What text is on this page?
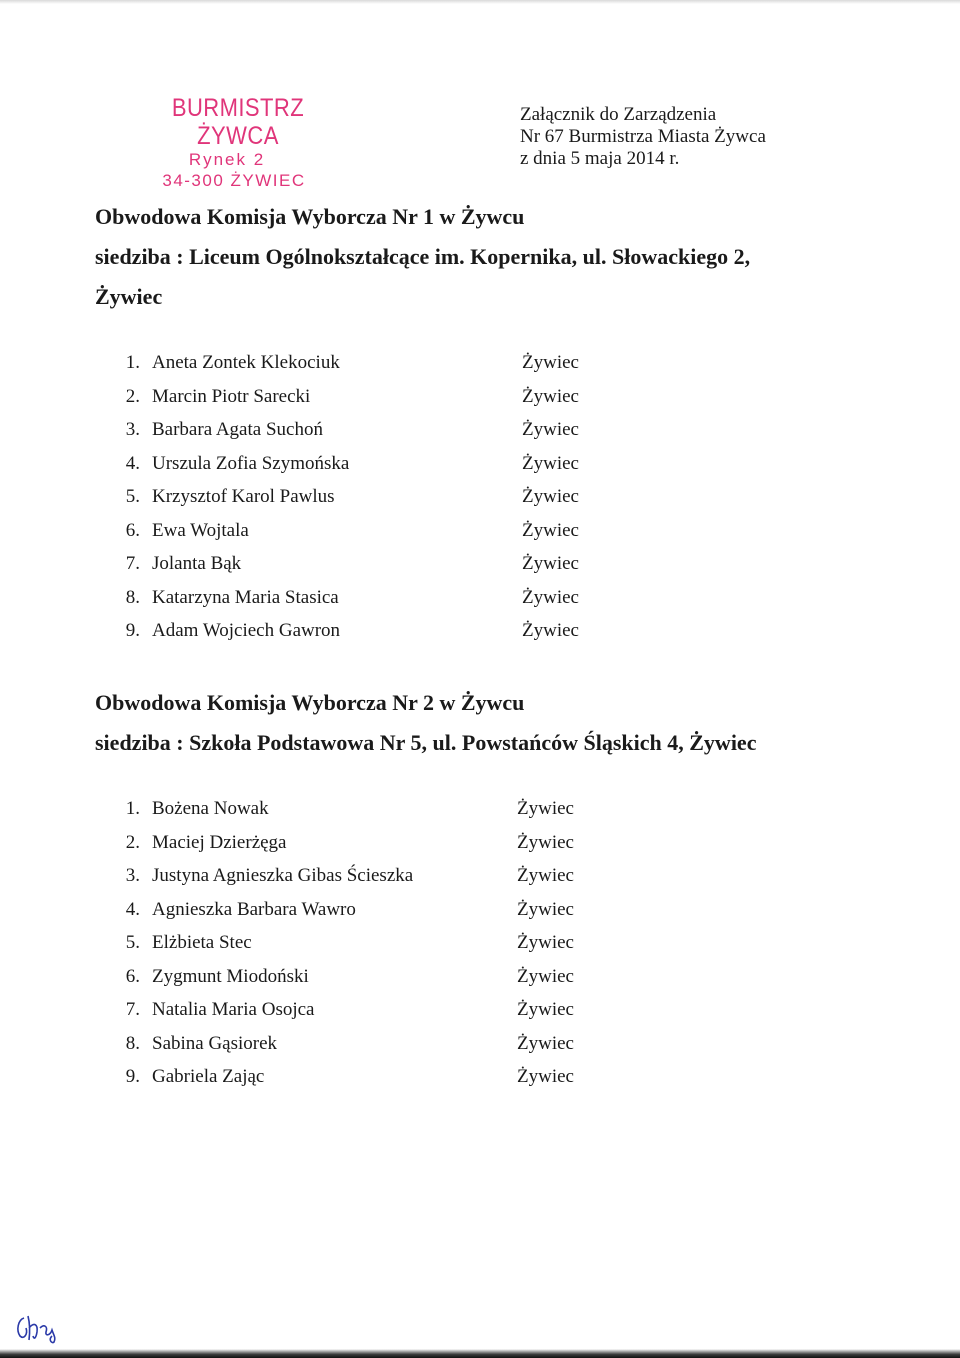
BURMISTRZ ŻYWCA
Rynek 2
34-300 ŻYWIEC
Załącznik do Zarządzenia
Nr 67 Burmistrza Miasta Żywca
z dnia 5 maja 2014 r.
Obwodowa Komisja Wyborcza Nr 1 w Żywcu
siedziba : Liceum Ogólnokształcące im. Kopernika, ul. Słowackiego 2,
Żywiec
1. Aneta Zontek Klekociuk	Żywiec
2. Marcin Piotr Sarecki	Żywiec
3. Barbara Agata Suchoń	Żywiec
4. Urszula Zofia Szymońska	Żywiec
5. Krzysztof Karol Pawlus	Żywiec
6. Ewa Wojtala	Żywiec
7. Jolanta Bąk	Żywiec
8. Katarzyna Maria Stasica	Żywiec
9. Adam Wojciech Gawron	Żywiec
Obwodowa Komisja Wyborcza Nr 2 w Żywcu
siedziba : Szkoła Podstawowa Nr 5, ul. Powstańców Śląskich 4, Żywiec
1. Bożena Nowak	Żywiec
2. Maciej Dzierżęga	Żywiec
3. Justyna Agnieszka Gibas Ścieszka	Żywiec
4. Agnieszka Barbara Wawro	Żywiec
5. Elżbieta Stec	Żywiec
6. Zygmunt Miodoński	Żywiec
7. Natalia Maria Osojca	Żywiec
8. Sabina Gąsiorek	Żywiec
9. Gabriela Zając	Żywiec
